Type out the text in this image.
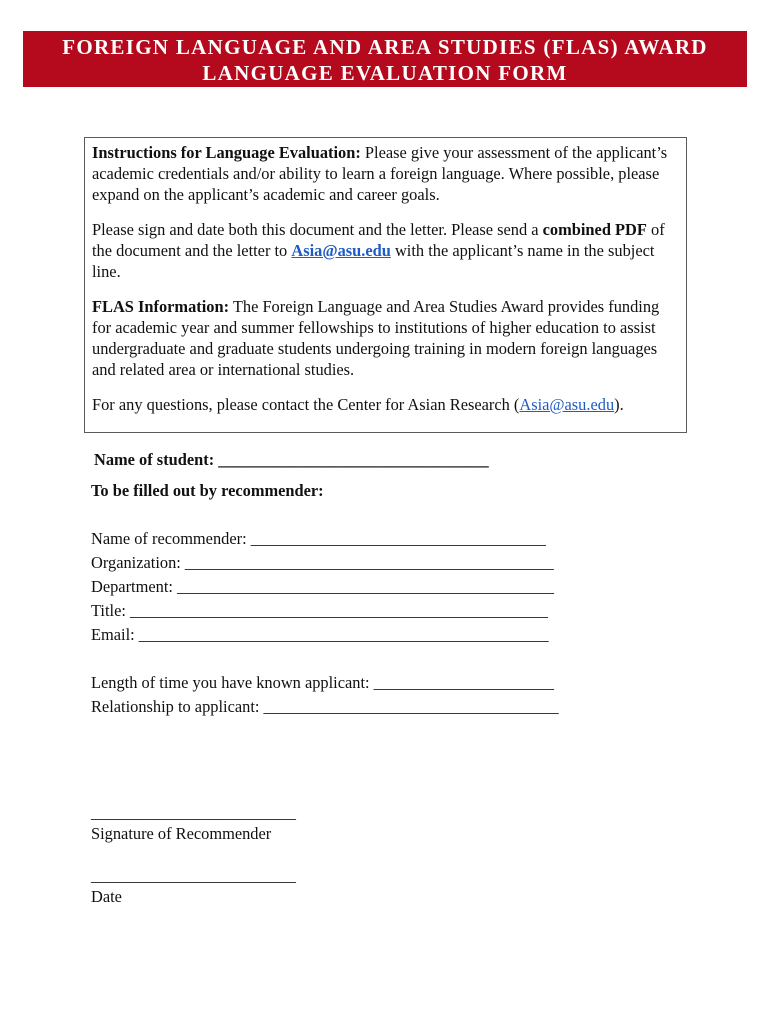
FOREIGN LANGUAGE AND AREA STUDIES (FLAS) AWARD
LANGUAGE EVALUATION FORM

Instructions for Language Evaluation: Please give your assessment of the applicant’s academic credentials and/or ability to learn a foreign language. Where possible, please expand on the applicant’s academic and career goals.

Please sign and date both this document and the letter. Please send a combined PDF of the document and the letter to Asia@asu.edu with the applicant’s name in the subject line.

FLAS Information: The Foreign Language and Area Studies Award provides funding for academic year and summer fellowships to institutions of higher education to assist undergraduate and graduate students undergoing training in modern foreign languages and related area or international studies.

For any questions, please contact the Center for Asian Research (Asia@asu.edu).

Name of student: _________________________________
To be filled out by recommender:
Name of recommender: ____________________________________
Organization: _____________________________________________
Department: ______________________________________________
Title: ___________________________________________________
Email: __________________________________________________
Length of time you have known applicant: ______________________
Relationship to applicant: ____________________________________
_________________________
Signature of Recommender
_________________________
Date
